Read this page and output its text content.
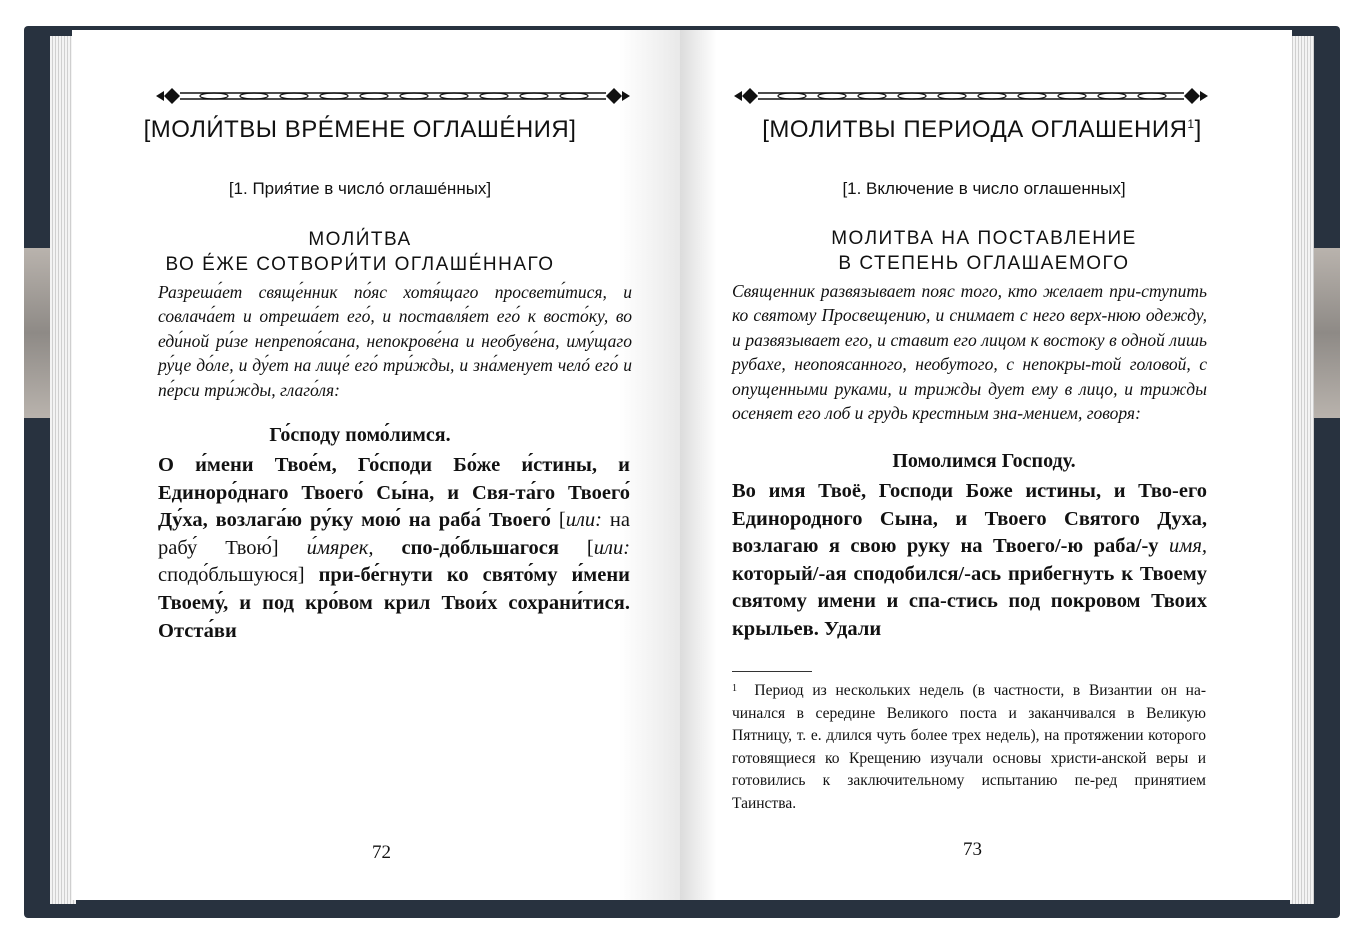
[МОЛИ́ТВЫ ВРЕ́МЕНЕ ОГЛАШЕ́НИЯ]
[1. Прия́тие в число́ оглаше́нных]
МОЛИ́ТВА
ВО Е́ЖЕ СОТВОРИ́ТИ ОГЛАШЕ́ННАГО
Разреша́ет свяще́нник по́яс хотя́щаго просвети́тися, и совлача́ет и отреша́ет его́, и поставля́ет его́ к восто́ку, во еди́ной ри́зе непрепоя́сана, непокрове́на и необуве́на, иму́щаго ру́це до́ле, и ду́ет на лице́ его́ три́жды, и зна́менует челó его́ и пе́рси три́жды, глаго́ля:
Го́споду помо́лимся.
О и́мени Твое́м, Го́споди Бо́же и́стины, и Единоро́днаго Твоего́ Сы́на, и Свя-та́го Твоего́ Ду́ха, возлага́ю ру́ку мою́ на раба́ Твоего́ [или: на рабу́ Твою́] и́мярек, спо-до́бльшагося [или: сподо́бльшуюся] при-бе́гнути ко свято́му и́мени Твоему́, и под кро́вом крил Твои́х сохрани́тися. Отста́ви
72
[МОЛИТВЫ ПЕРИОДА ОГЛАШЕНИЯ$^1$]
[1. Включение в число оглашенных]
МОЛИТВА НА ПОСТАВЛЕНИЕ
В СТЕПЕНЬ ОГЛАШАЕМОГО
Священник развязывает пояс того, кто желает при-ступить ко святому Просвещению, и снимает с него верх-нюю одежду, и развязывает его, и ставит его лицом к востоку в одной лишь рубахе, неопоясанного, необутого, с непокры-той головой, с опущенными руками, и трижды дует ему в лицо, и трижды осеняет его лоб и грудь крестным зна-мением, говоря:
Помолимся Господу.
Во имя Твоё, Господи Боже истины, и Тво-его Единородного Сына, и Твоего Святого Духа, возлагаю я свою руку на Твоего/-ю раба/-у имя, который/-ая сподобился/-ась прибегнуть к Твоему святому имени и спа-стись под покровом Твоих крыльев. Удали
$^1$ Период из нескольких недель (в частности, в Византии он на-чинался в середине Великого поста и заканчивался в Великую Пятницу, т. е. длился чуть более трех недель), на протяжении которого готовящиеся ко Крещению изучали основы христи-анской веры и готовились к заключительному испытанию пе-ред принятием Таинства.
73
